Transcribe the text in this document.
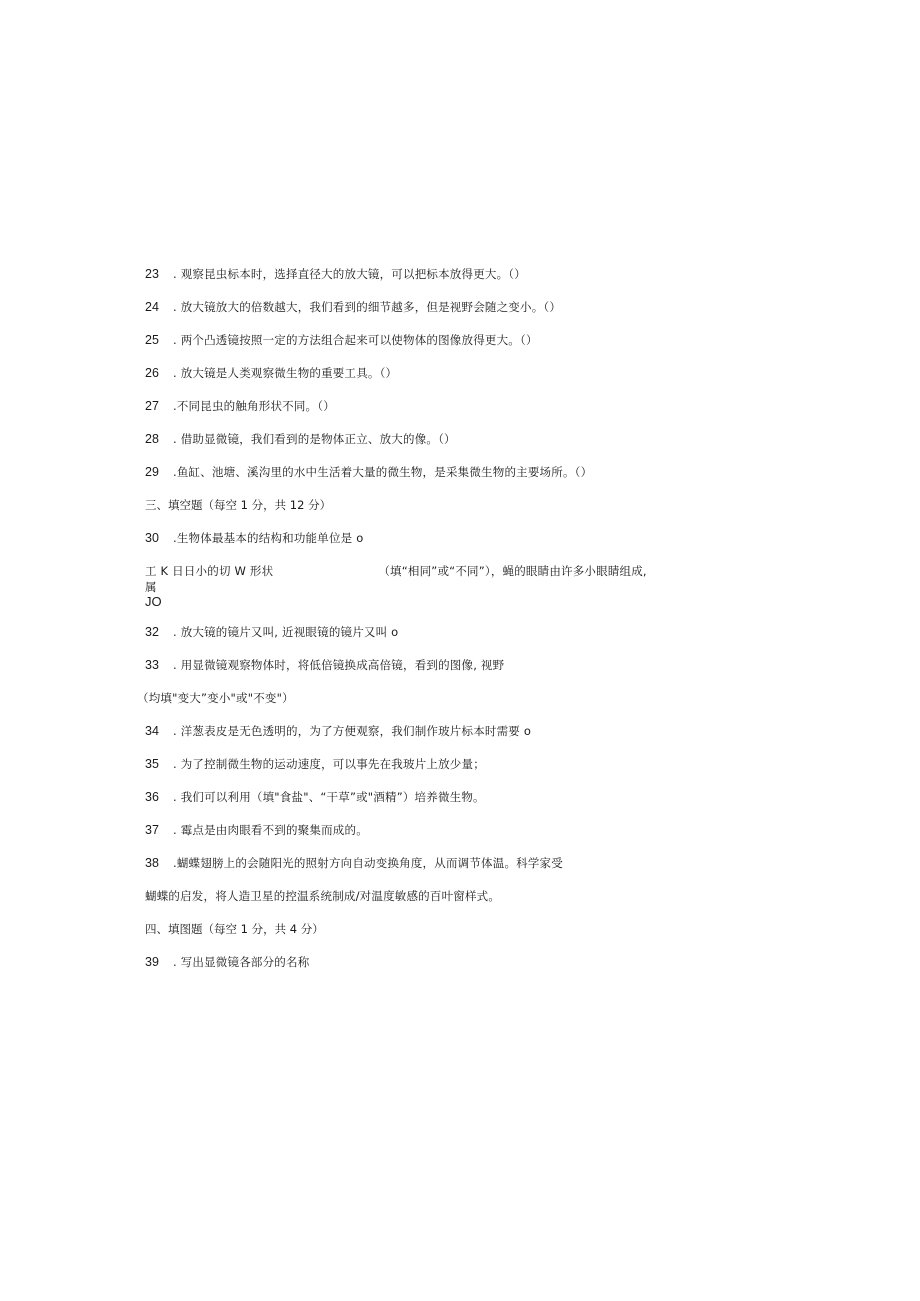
23 . 观察昆虫标本时，选择直径大的放大镜，可以把标本放得更大。（）
24 . 放大镜放大的倍数越大，我们看到的细节越多，但是视野会随之变小。（）
25 . 两个凸透镜按照一定的方法组合起来可以使物体的图像放得更大。（）
26 . 放大镜是人类观察微生物的重要工具。（）
27 .不同昆虫的触角形状不同。（）
28 . 借助显微镜，我们看到的是物体正立、放大的像。（）
29 .鱼缸、池塘、溪沟里的水中生活着大量的微生物，是采集微生物的主要场所。（）
三、填空题（每空 1 分，共 12 分）
30 .生物体最基本的结构和功能单位是 o
工 K 日日小的切 W 形状	（填“相同”或“不同”），蝇的眼睛由许多小眼睛组成,
属
JO
32 . 放大镜的镜片又叫, 近视眼镜的镜片又叫 o
33 . 用显微镜观察物体时，将低倍镜换成高倍镜，看到的图像, 视野
（均填"变大”变小"或"不变"）
34 . 洋葱表皮是无色透明的，为了方便观察，我们制作玻片标本时需要 o
35 . 为了控制微生物的运动速度，可以事先在我玻片上放少量；
36 . 我们可以利用（填"食盐"、“干草”或"酒精”）培养微生物。
37 . 霉点是由肉眼看不到的聚集而成的。
38 .蝴蝶翅膀上的会随阳光的照射方向自动变换角度，从而调节体温。科学家受
蝴蝶的启发，将人造卫星的控温系统制成/对温度敏感的百叶窗样式。
四、填图题（每空 1 分，共 4 分）
39 . 写出显微镜各部分的名称
